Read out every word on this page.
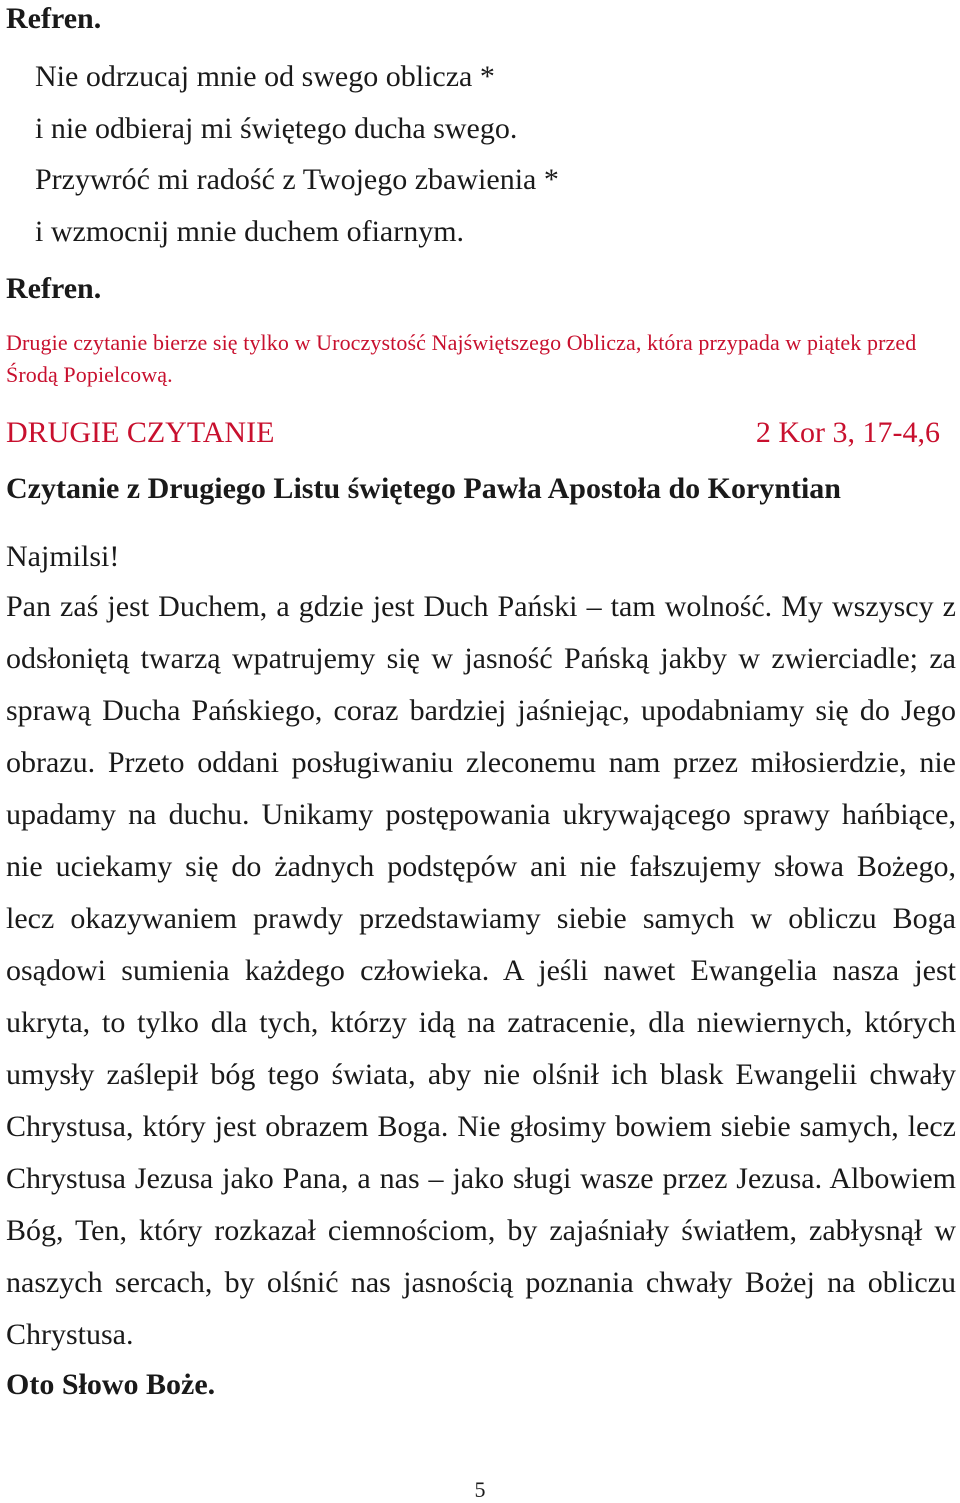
Refren.

Nie odrzucaj mnie od swego oblicza *
i nie odbieraj mi świętego ducha swego.
Przywróć mi radość z Twojego zbawienia *
i wzmocnij mnie duchem ofiarnym.

Refren.

Drugie czytanie bierze się tylko w Uroczystość Najświętszego Oblicza, która przypada w piątek przed Środą Popielcową.

DRUGIE CZYTANIE	2 Kor 3, 17-4,6

Czytanie z Drugiego Listu świętego Pawła Apostoła do Koryntian

Najmilsi!

Pan zaś jest Duchem, a gdzie jest Duch Pański – tam wolność. My wszyscy z odsłoniętą twarzą wpatrujemy się w jasność Pańską jakby w zwierciadle; za sprawą Ducha Pańskiego, coraz bardziej jaśniejąc, upodabniamy się do Jego obrazu. Przeto oddani posługiwaniu zleconemu nam przez miłosierdzie, nie upadamy na duchu. Unikamy postępowania ukrywającego sprawy hańbiące, nie uciekamy się do żadnych podstępów ani nie fałszujemy słowa Bożego, lecz okazywaniem prawdy przedstawiamy siebie samych w obliczu Boga osądowi sumienia każdego człowieka. A jeśli nawet Ewangelia nasza jest ukryta, to tylko dla tych, którzy idą na zatracenie, dla niewiernych, których umysły zaślepił bóg tego świata, aby nie olśnił ich blask Ewangelii chwały Chrystusa, który jest obrazem Boga. Nie głosimy bowiem siebie samych, lecz Chrystusa Jezusa jako Pana, a nas – jako sługi wasze przez Jezusa. Albowiem Bóg, Ten, który rozkazał ciemnościom, by zajaśniały światłem, zabłysnął w naszych sercach, by olśnić nas jasnością poznania chwały Bożej na obliczu Chrystusa.

Oto Słowo Boże.

5
